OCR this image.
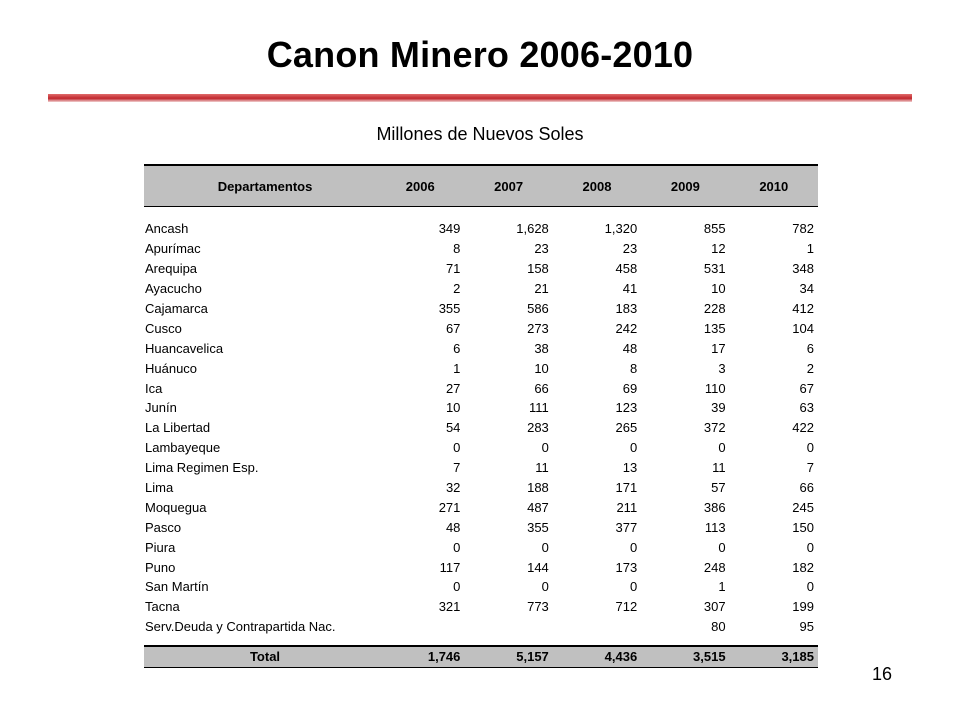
Canon Minero 2006-2010
Millones de Nuevos Soles
Departamentos	2006	2007	2008	2009	2010

Ancash	349	1,628	1,320	855	782
Apurímac	8	23	23	12	1
Arequipa	71	158	458	531	348
Ayacucho	2	21	41	10	34
Cajamarca	355	586	183	228	412
Cusco	67	273	242	135	104
Huancavelica	6	38	48	17	6
Huánuco	1	10	8	3	2
Ica	27	66	69	110	67
Junín	10	111	123	39	63
La Libertad	54	283	265	372	422
Lambayeque	0	0	0	0	0
Lima Regimen Esp.	7	11	13	11	7
Lima	32	188	171	57	66
Moquegua	271	487	211	386	245
Pasco	48	355	377	113	150
Piura	0	0	0	0	0
Puno	117	144	173	248	182
San Martín	0	0	0	1	0
Tacna	321	773	712	307	199
Serv.Deuda y Contrapartida Nac.				80	95

Total	1,746	5,157	4,436	3,515	3,185
16
